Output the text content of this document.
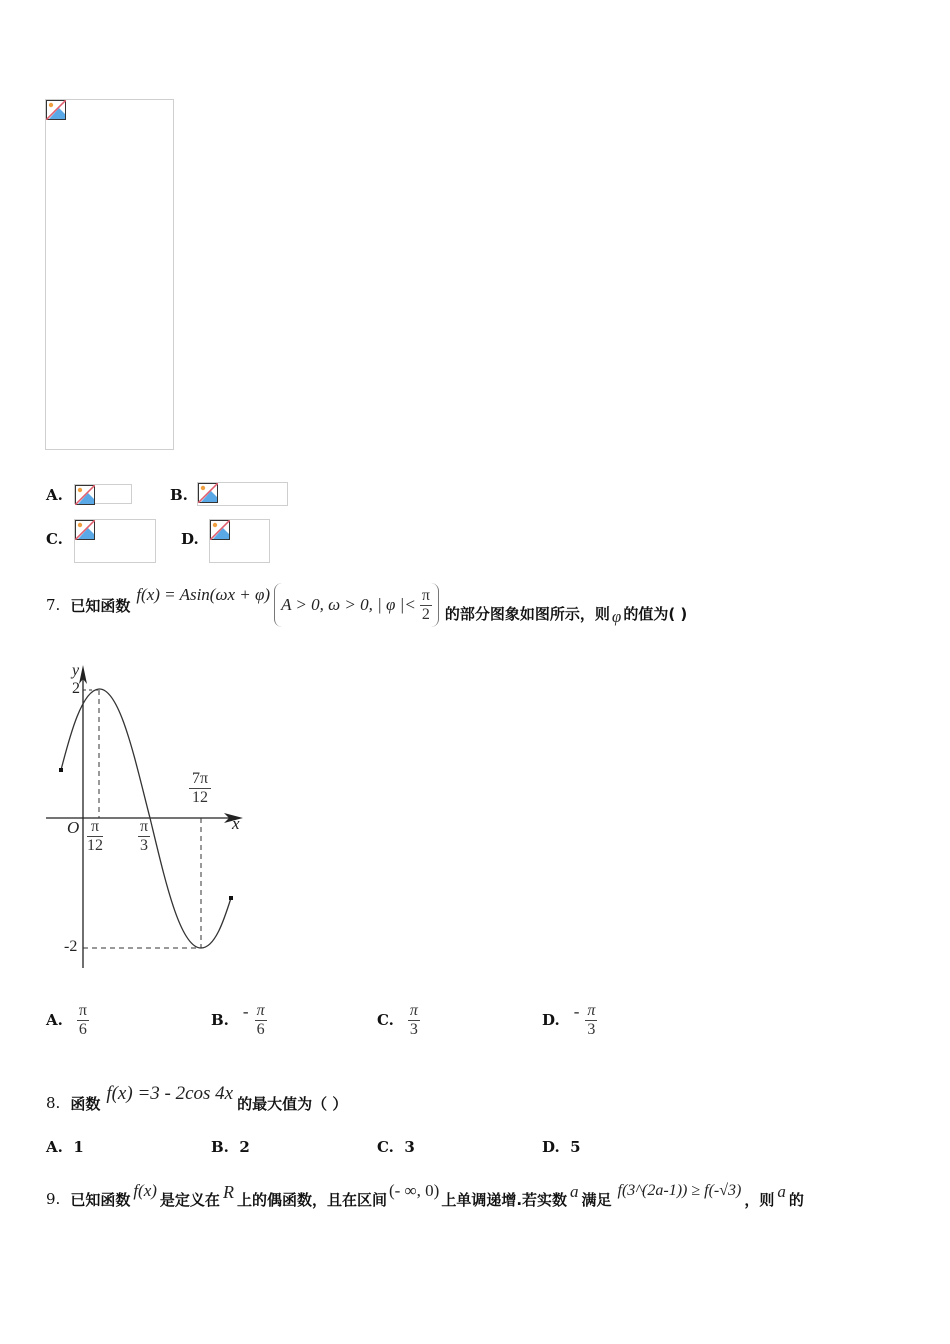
A.	B.
C.	D.
7. 已知函数
f(x) = Asin(ωx + φ)
A > 0, ω > 0, | φ |< $\frac{\pi}{2}$ 的部分图象如图所示，则 φ 的值为( )
y
2
-2
O	x
$\frac{\pi}{12} \frac{\pi}{3}$
$\frac{7\pi}{12}$
A. $\frac{\pi}{6}$	B. - $\frac{\pi}{6}$	C. $\frac{\pi}{3}$	D. - $\frac{\pi}{3}$
8. 函数 f(x) =3 - 2cos 4x 的最大值为（ ）
A. 1	B. 2	C. 3	D. 5
9. 已知函数 f(x) 是定义在 R 上的偶函数，且在区间 (- ∞, 0) 上单调递增.若实数 a 满足 f(3^(2a-1)) ≥ f(-√3) ，则 a 的
